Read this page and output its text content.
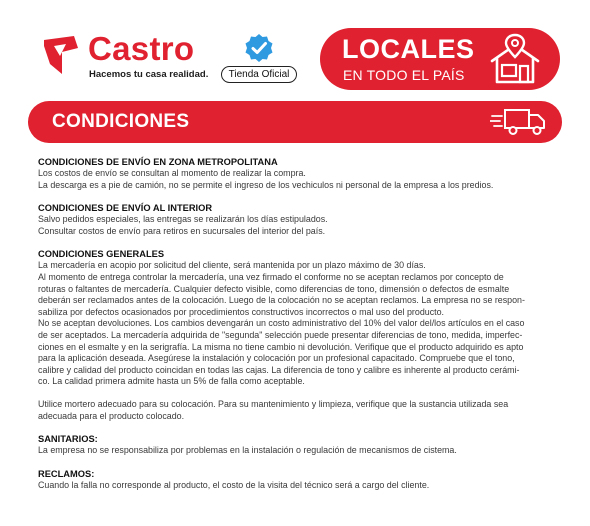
Castro
Hacemos tu casa realidad.	Tienda Oficial
LOCALES
EN TODO EL PAÍS
CONDICIONES
CONDICIONES DE ENVÍO EN ZONA METROPOLITANA
Los costos de envío se consultan al momento de realizar la compra.
La descarga es a pie de camión, no se permite el ingreso de los vechiculos ni personal de la empresa a los predios.
CONDICIONES DE ENVÍO AL INTERIOR
Salvo pedidos especiales, las entregas se realizarán los días estipulados.
Consultar costos de envío para retiros en sucursales del interior del país.
CONDICIONES GENERALES
La mercadería en acopio por solicitud del cliente, será mantenida por un plazo máximo de 30 días.
Al momento de entrega controlar la mercadería, una vez firmado el conforme no se aceptan reclamos por concepto de
roturas o faltantes de mercadería. Cualquier defecto visible, como diferencias de tono, dimensión o defectos de esmalte
deberán ser reclamados antes de la colocación. Luego de la colocación no se aceptan reclamos. La empresa no se respon-
sabiliza por defectos ocasionados por procedimientos constructivos incorrectos o mal uso del producto.
No se aceptan devoluciones. Los cambios devengarán un costo administrativo del 10% del valor del/los artículos en el caso
de ser aceptados. La mercadería adquirida de "segunda" selección puede presentar diferencias de tono, medida, imperfec-
ciones en el esmalte y en la serigrafía. La misma no tiene cambio ni devolución. Verifique que el producto adquirido es apto
para la aplicación deseada. Asegúrese la instalación y colocación por un profesional capacitado. Compruebe que el tono,
calibre y calidad del producto coincidan en todas las cajas. La diferencia de tono y calibre es inherente al producto cerámi-
co. La calidad primera admite hasta un 5% de falla como aceptable.
Utilice mortero adecuado para su colocación. Para su mantenimiento y limpieza, verifique que la sustancia utilizada sea
adecuada para el producto colocado.
SANITARIOS:
La empresa no se responsabiliza por problemas en la instalación o regulación de mecanismos de cistema.
RECLAMOS:
Cuando la falla no corresponde al producto, el costo de la visita del técnico será a cargo del cliente.
